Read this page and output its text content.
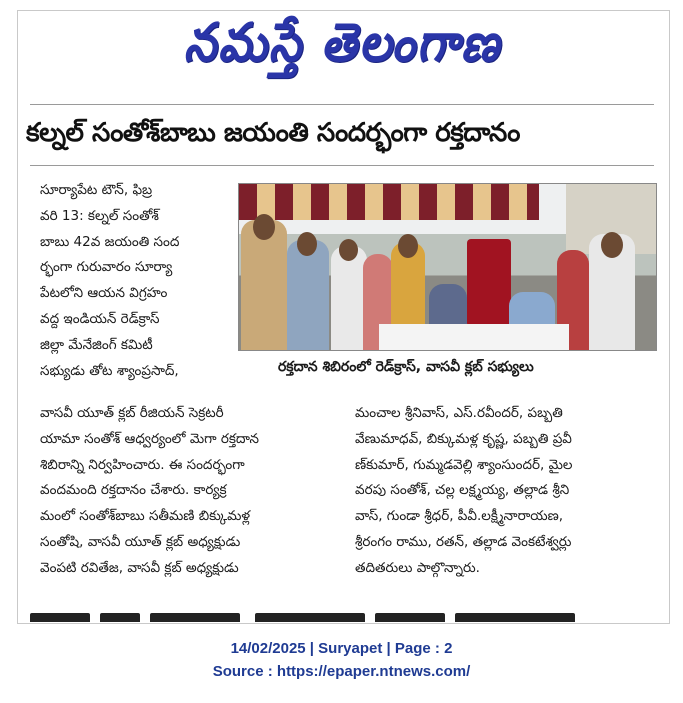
నమస్తే తెలంగాణ
కల్నల్ సంతోశ్‌బాబు జయంతి సందర్భంగా రక్తదానం
సూర్యాపేట టౌన్, ఫిబ్ర
వరి 13: కల్నల్ సంతోశ్
బాబు 42వ జయంతి సంద
ర్భంగా గురువారం సూర్యా
పేటలోని ఆయన విగ్రహం
వద్ద ఇండియన్ రెడ్‌క్రాస్
జిల్లా మేనేజింగ్ కమిటీ
సభ్యుడు తోట శ్యాంప్రసాద్,	రక్తదాన శిబిరంలో రెడ్‌క్రాస్, వాసవీ క్లబ్ సభ్యులు
వాసవీ యూత్ క్లబ్ రీజియన్ సెక్రటరీ
యామా సంతోశ్ ఆధ్వర్యంలో మెగా రక్తదాన
శిబిరాన్ని నిర్వహించారు. ఈ సందర్భంగా
వందమంది రక్తదానం చేశారు. కార్యక్ర
మంలో సంతోశ్‌బాబు సతీమణి బిక్కుమళ్ల
సంతోషి, వాసవీ యూత్ క్లబ్ అధ్యక్షుడు
వెంపటి రవితేజ, వాసవీ క్లబ్ అధ్యక్షుడు
మంచాల శ్రీనివాస్, ఎస్.రవీందర్, పబ్బతి
వేణుమాధవ్, బిక్కుమళ్ల కృష్ణ, పబ్బతి ప్రవీ
ణ్‌కుమార్, గుమ్మడవెల్లి శ్యాంసుందర్, మైల
వరపు సంతోశ్, చల్ల లక్ష్మయ్య, తల్లాడ శ్రీని
వాస్, గుండా శ్రీధర్, పీవీ.లక్ష్మీనారాయణ,
శ్రీరంగం రాము, రతన్, తల్లాడ వెంకటేశ్వర్లు
తదితరులు పాల్గొన్నారు.

14/02/2025 | Suryapet | Page : 2
Source : https://epaper.ntnews.com/
